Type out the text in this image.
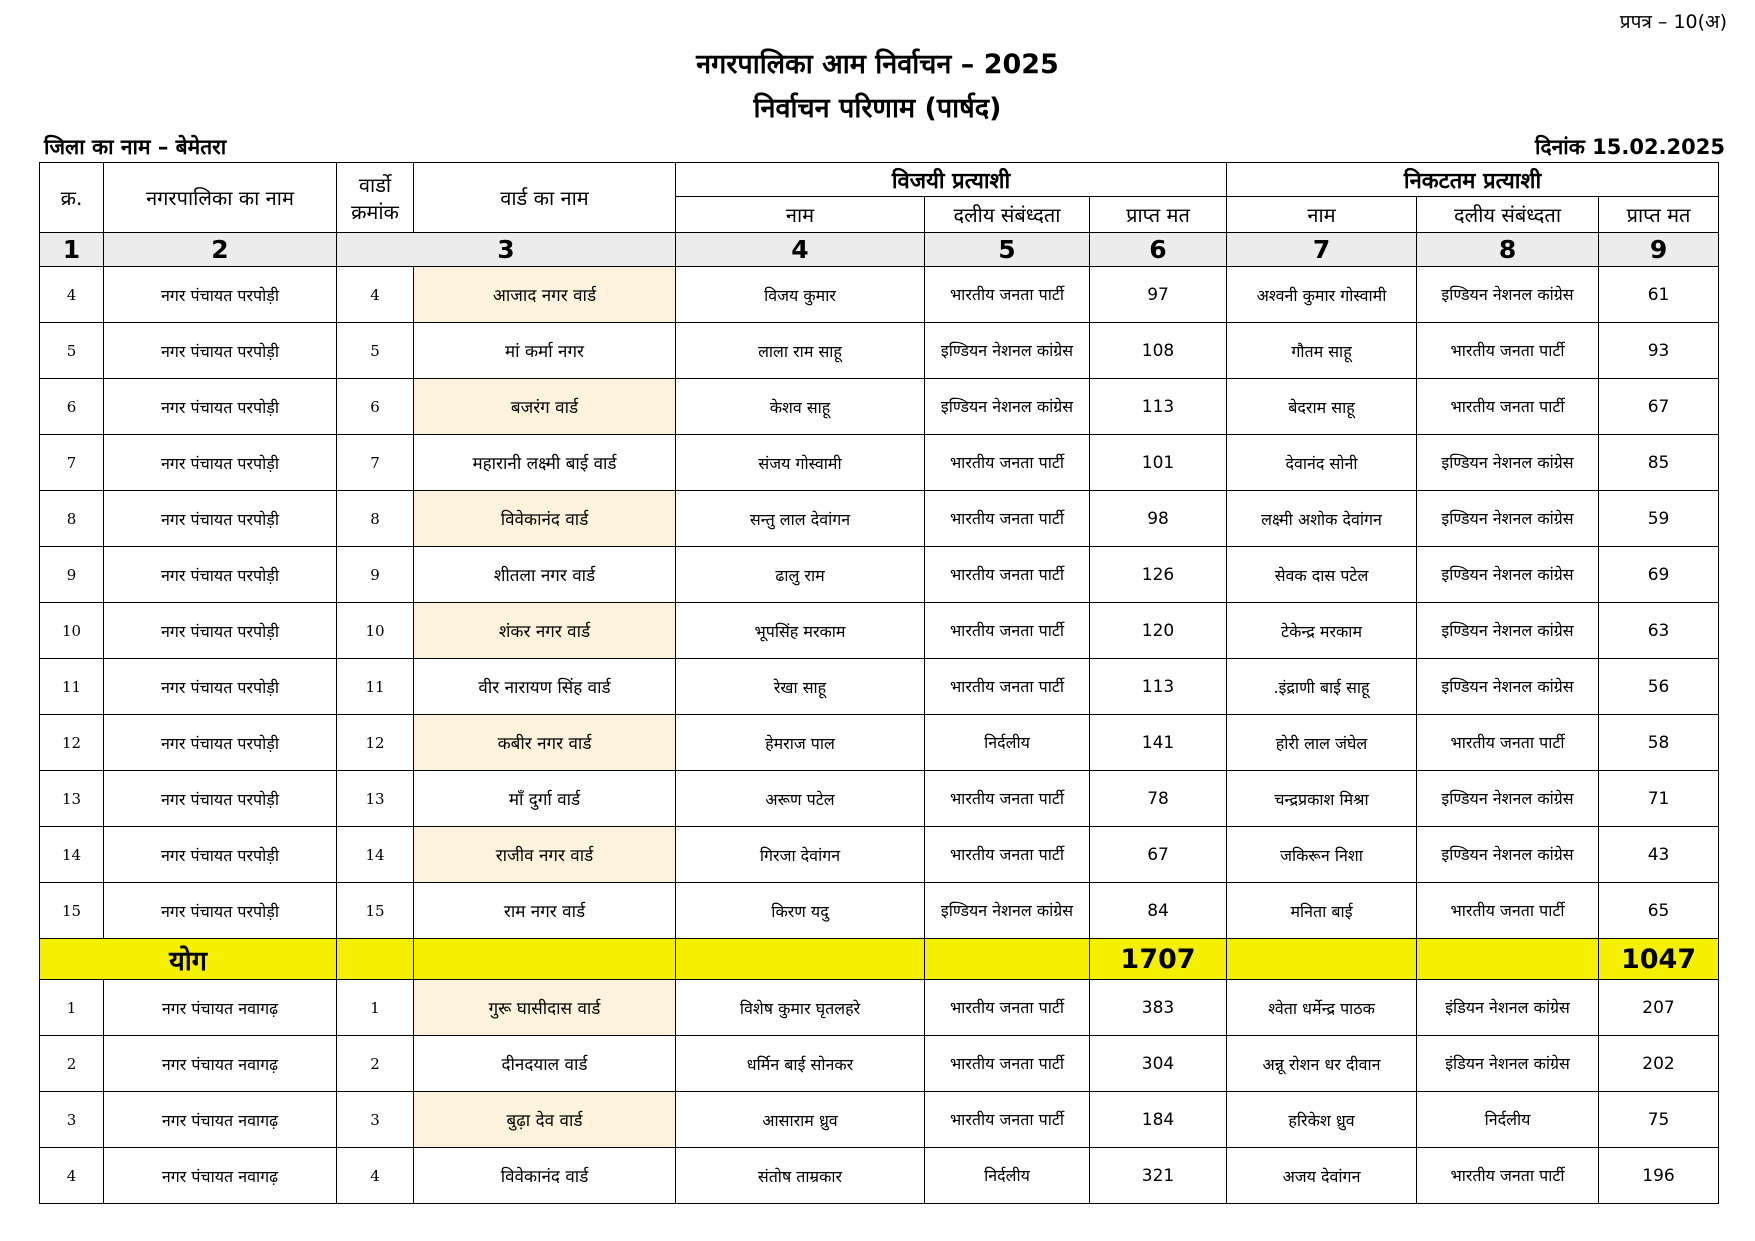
प्रपत्र – 10(अ)
नगरपालिका आम निर्वाचन – 2025
निर्वाचन परिणाम (पार्षद)
जिला का नाम – बेमेतरा	दिनांक 15.02.2025
क्र.	नगरपालिका का नाम	वार्डो क्रमांक	वार्ड का नाम	विजयी प्रत्याशी			निकटतम प्रत्याशी		
				नाम	दलीय संबंध्दता	प्राप्त मत	नाम	दलीय संबंध्दता	प्राप्त मत
1	2	3		4	5	6	7	8	9
4	नगर पंचायत परपोड़ी	4	आजाद नगर वार्ड	विजय कुमार	भारतीय जनता पार्टी	97	अश्वनी कुमार गोस्वामी	इण्डियन नेशनल कांग्रेस	61
5	नगर पंचायत परपोड़ी	5	मां कर्मा नगर	लाला राम साहू	इण्डियन नेशनल कांग्रेस	108	गौतम साहू	भारतीय जनता पार्टी	93
6	नगर पंचायत परपोड़ी	6	बजरंग वार्ड	केशव साहू	इण्डियन नेशनल कांग्रेस	113	बेदराम साहू	भारतीय जनता पार्टी	67
7	नगर पंचायत परपोड़ी	7	महारानी लक्ष्मी बाई वार्ड	संजय गोस्वामी	भारतीय जनता पार्टी	101	देवानंद सोनी	इण्डियन नेशनल कांग्रेस	85
8	नगर पंचायत परपोड़ी	8	विवेकानंद वार्ड	सन्तु लाल देवांगन	भारतीय जनता पार्टी	98	लक्ष्मी अशोक देवांगन	इण्डियन नेशनल कांग्रेस	59
9	नगर पंचायत परपोड़ी	9	शीतला नगर वार्ड	ढालु राम	भारतीय जनता पार्टी	126	सेवक दास पटेल	इण्डियन नेशनल कांग्रेस	69
10	नगर पंचायत परपोड़ी	10	शंकर नगर वार्ड	भूपसिंह मरकाम	भारतीय जनता पार्टी	120	टेकेन्द्र मरकाम	इण्डियन नेशनल कांग्रेस	63
11	नगर पंचायत परपोड़ी	11	वीर नारायण सिंह वार्ड	रेखा साहू	भारतीय जनता पार्टी	113	.इंद्राणी बाई साहू	इण्डियन नेशनल कांग्रेस	56
12	नगर पंचायत परपोड़ी	12	कबीर नगर वार्ड	हेमराज पाल	निर्दलीय	141	होरी लाल जंघेल	भारतीय जनता पार्टी	58
13	नगर पंचायत परपोड़ी	13	माँ दुर्गा वार्ड	अरूण पटेल	भारतीय जनता पार्टी	78	चन्द्रप्रकाश मिश्रा	इण्डियन नेशनल कांग्रेस	71
14	नगर पंचायत परपोड़ी	14	राजीव नगर वार्ड	गिरजा देवांगन	भारतीय जनता पार्टी	67	जकिरून निशा	इण्डियन नेशनल कांग्रेस	43
15	नगर पंचायत परपोड़ी	15	राम नगर वार्ड	किरण यदु	इण्डियन नेशनल कांग्रेस	84	मनिता बाई	भारतीय जनता पार्टी	65
योग						1707			1047
1	नगर पंचायत नवागढ़	1	गुरू घासीदास वार्ड	विशेष कुमार घृतलहरे	भारतीय जनता पार्टी	383	श्वेता धर्मेन्द्र पाठक	इंडियन नेशनल कांग्रेस	207
2	नगर पंचायत नवागढ़	2	दीनदयाल वार्ड	धर्मिन बाई सोनकर	भारतीय जनता पार्टी	304	अन्नू रोशन धर दीवान	इंडियन नेशनल कांग्रेस	202
3	नगर पंचायत नवागढ़	3	बुढ़ा देव वार्ड	आसाराम ध्रुव	भारतीय जनता पार्टी	184	हरिकेश ध्रुव	निर्दलीय	75
4	नगर पंचायत नवागढ़	4	विवेकानंद वार्ड	संतोष ताम्रकार	निर्दलीय	321	अजय देवांगन	भारतीय जनता पार्टी	196
